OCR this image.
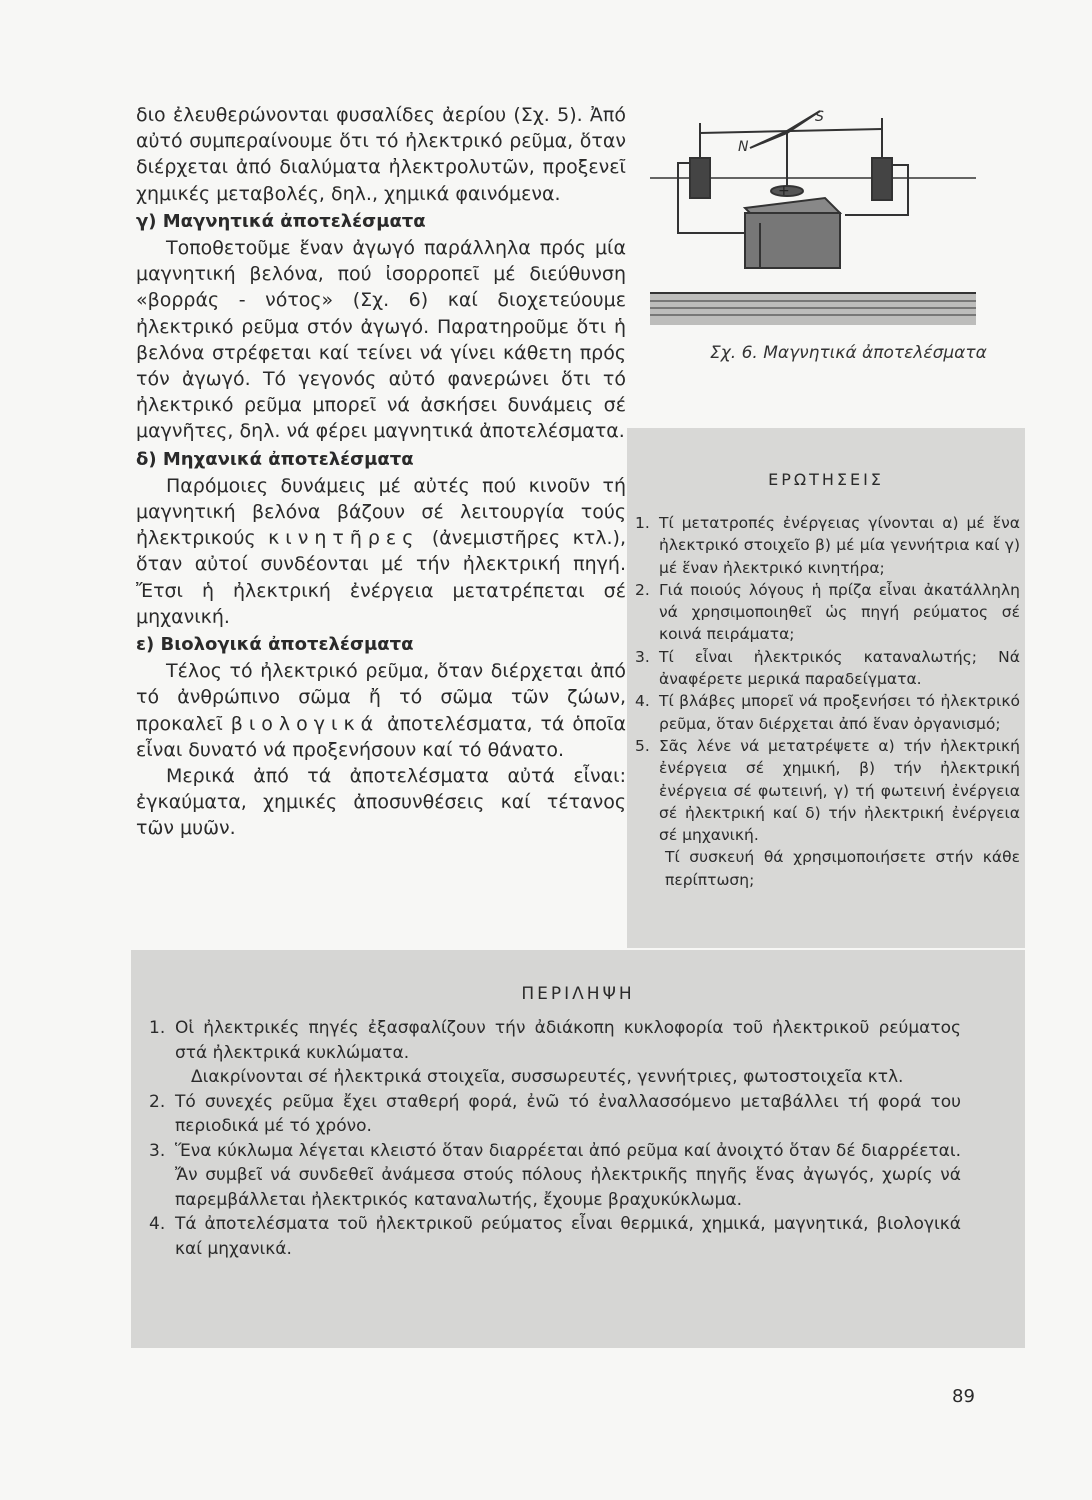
διο ἐλευθερώνονται φυσαλίδες ἀερίου (Σχ. 5). Ἀπό αὐτό συμπεραίνουμε ὅτι τό ἠλεκτρικό ρεῦμα, ὅταν διέρχεται ἀπό διαλύματα ἠλεκτρολυτῶν, προξενεῖ χημικές μεταβολές, δηλ., χημικά φαινόμενα.

γ) Μαγνητικά ἀποτελέσματα

Τοποθετοῦμε ἕναν ἀγωγό παράλληλα πρός μία μαγνητική βελόνα, πού ἰσορροπεῖ μέ διεύθυνση «βορράς - νότος» (Σχ. 6) καί διοχετεύουμε ἠλεκτρικό ρεῦμα στόν ἀγωγό. Παρατηροῦμε ὅτι ἡ βελόνα στρέφεται καί τείνει νά γίνει κάθετη πρός τόν ἀγωγό. Τό γεγονός αὐτό φανερώνει ὅτι τό ἠλεκτρικό ρεῦμα μπορεῖ νά ἀσκήσει δυνάμεις σέ μαγνῆτες, δηλ. νά φέρει μαγνητικά ἀποτελέσματα.

δ) Μηχανικά ἀποτελέσματα

Παρόμοιες δυνάμεις μέ αὐτές πού κινοῦν τή μαγνητική βελόνα βάζουν σέ λειτουργία τούς ἠλεκτρικούς κινητῆρες (ἀνεμιστῆρες κτλ.), ὅταν αὐτοί συνδέονται μέ τήν ἠλεκτρική πηγή. Ἔτσι ἡ ἠλεκτρική ἐνέργεια μετατρέπεται σέ μηχανική.

ε) Βιολογικά ἀποτελέσματα

Τέλος τό ἠλεκτρικό ρεῦμα, ὅταν διέρχεται ἀπό τό ἀνθρώπινο σῶμα ἤ τό σῶμα τῶν ζώων, προκαλεῖ βιολογικά ἀποτελέσματα, τά ὁποῖα εἶναι δυνατό νά προξενήσουν καί τό θάνατο.

Μερικά ἀπό τά ἀποτελέσματα αὐτά εἶναι: ἐγκαύματα, χημικές ἀποσυνθέσεις καί τέτανος τῶν μυῶν.

N
S
+
Σχ. 6. Μαγνητικά ἀποτελέσματα
ΕΡΩΤΗΣΕΙΣ
1. Τί μετατροπές ἐνέργειας γίνονται α) μέ ἕνα ἠλεκτρικό στοιχεῖο β) μέ μία γεννήτρια καί γ) μέ ἕναν ἠλεκτρικό κινητήρα;
2. Γιά ποιούς λόγους ἡ πρίζα εἶναι ἀκατάλληλη νά χρησιμοποιηθεῖ ὡς πηγή ρεύματος σέ κοινά πειράματα;
3. Τί εἶναι ἠλεκτρικός καταναλωτής; Νά ἀναφέρετε μερικά παραδείγματα.
4. Τί βλάβες μπορεῖ νά προξενήσει τό ἠλεκτρικό ρεῦμα, ὅταν διέρχεται ἀπό ἕναν ὀργανισμό;
5. Σᾶς λένε νά μετατρέψετε α) τήν ἠλεκτρική ἐνέργεια σέ χημική, β) τήν ἠλεκτρική ἐνέργεια σέ φωτεινή, γ) τή φωτεινή ἐνέργεια σέ ἠλεκτρική καί δ) τήν ἠλεκτρική ἐνέργεια σέ μηχανική.
Τί συσκευή θά χρησιμοποιήσετε στήν κάθε περίπτωση;
ΠΕΡΙΛΗΨΗ
1. Οἱ ἠλεκτρικές πηγές ἐξασφαλίζουν τήν ἀδιάκοπη κυκλοφορία τοῦ ἠλεκτρικοῦ ρεύματος στά ἠλεκτρικά κυκλώματα.
Διακρίνονται σέ ἠλεκτρικά στοιχεῖα, συσσωρευτές, γεννήτριες, φωτοστοιχεῖα κτλ.
2. Τό συνεχές ρεῦμα ἔχει σταθερή φορά, ἐνῶ τό ἐναλλασσόμενο μεταβάλλει τή φορά του περιοδικά μέ τό χρόνο.
3. Ἕνα κύκλωμα λέγεται κλειστό ὅταν διαρρέεται ἀπό ρεῦμα καί ἀνοιχτό ὅταν δέ διαρρέεται. Ἄν συμβεῖ νά συνδεθεῖ ἀνάμεσα στούς πόλους ἠλεκτρικῆς πηγῆς ἕνας ἀγωγός, χωρίς νά παρεμβάλλεται ἠλεκτρικός καταναλωτής, ἔχουμε βραχυκύκλωμα.
4. Τά ἀποτελέσματα τοῦ ἠλεκτρικοῦ ρεύματος εἶναι θερμικά, χημικά, μαγνητικά, βιολογικά καί μηχανικά.
89
